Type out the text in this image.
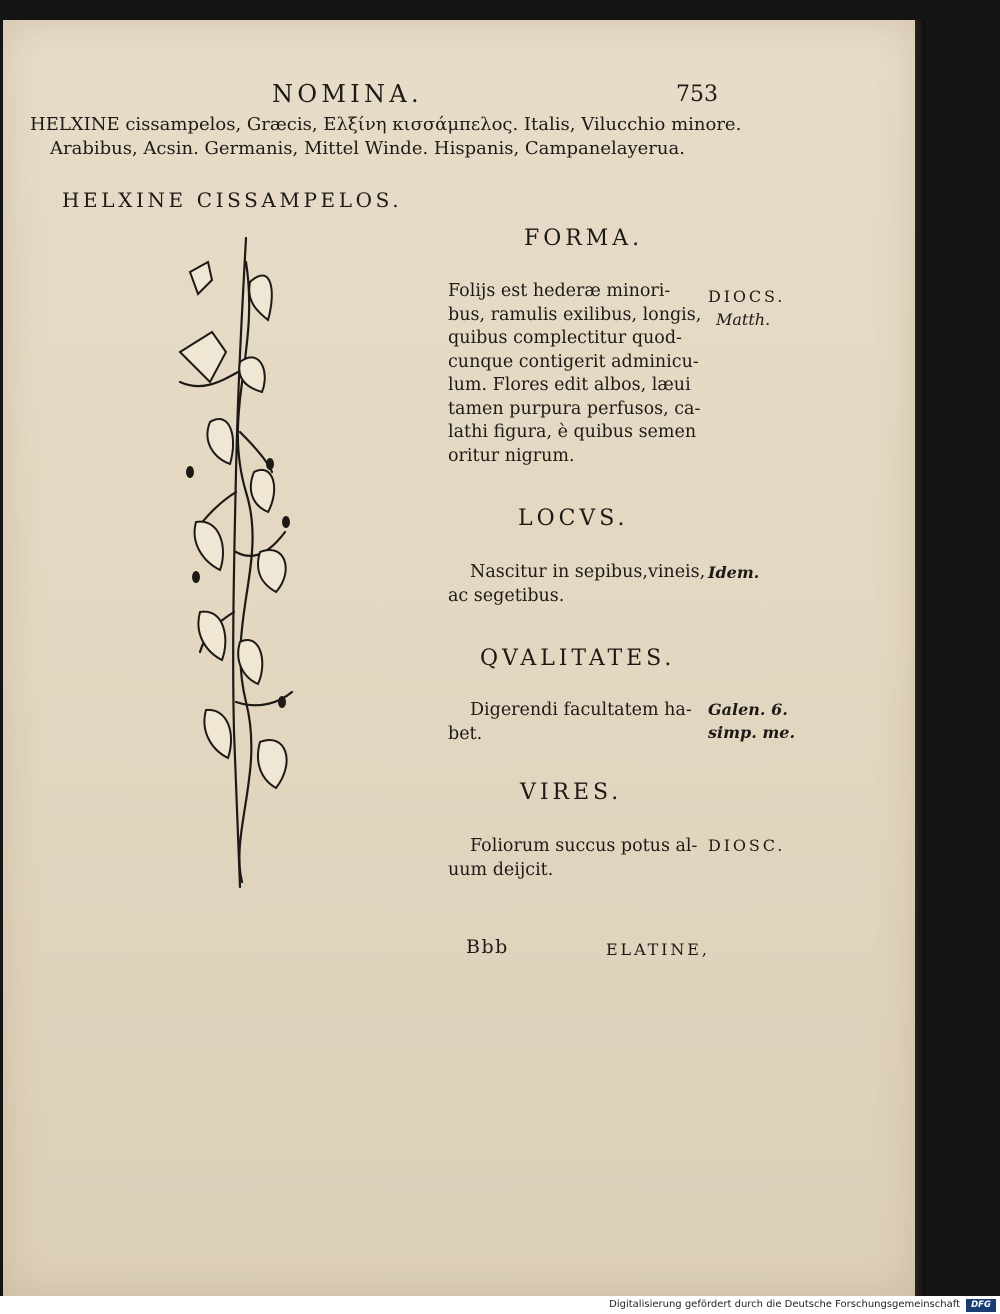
NOMINA.	753

HELXINE cissampelos, Græcis, Ελξίνη κισσάμπελος. Italis, Vilucchio minore.

Arabibus, Acsin. Germanis, Mittel Winde. Hispanis, Campanelayerua.

HELXINE CISSAMPELOS.

FORMA.

Folijs est hederæ minori-
bus, ramulis exilibus, longis,
quibus complectitur quod-
cunque contigerit adminicu-
lum. Flores edit albos, læui
tamen purpura perfusos, ca-
lathi figura, è quibus semen
oritur nigrum.

DIOCS.

Matth.

LOCVS.

Nascitur in sepibus,vineis,
ac segetibus.

Idem.

QVALITATES.

Digerendi facultatem ha-
bet.

Galen. 6.

simp. me.

VIRES.

Foliorum succus potus al-
uum deijcit.

DIOSC.

Bbb	ELATINE,

Digitalisierung gefördert durch die Deutsche Forschungsgemeinschaft	DFG
